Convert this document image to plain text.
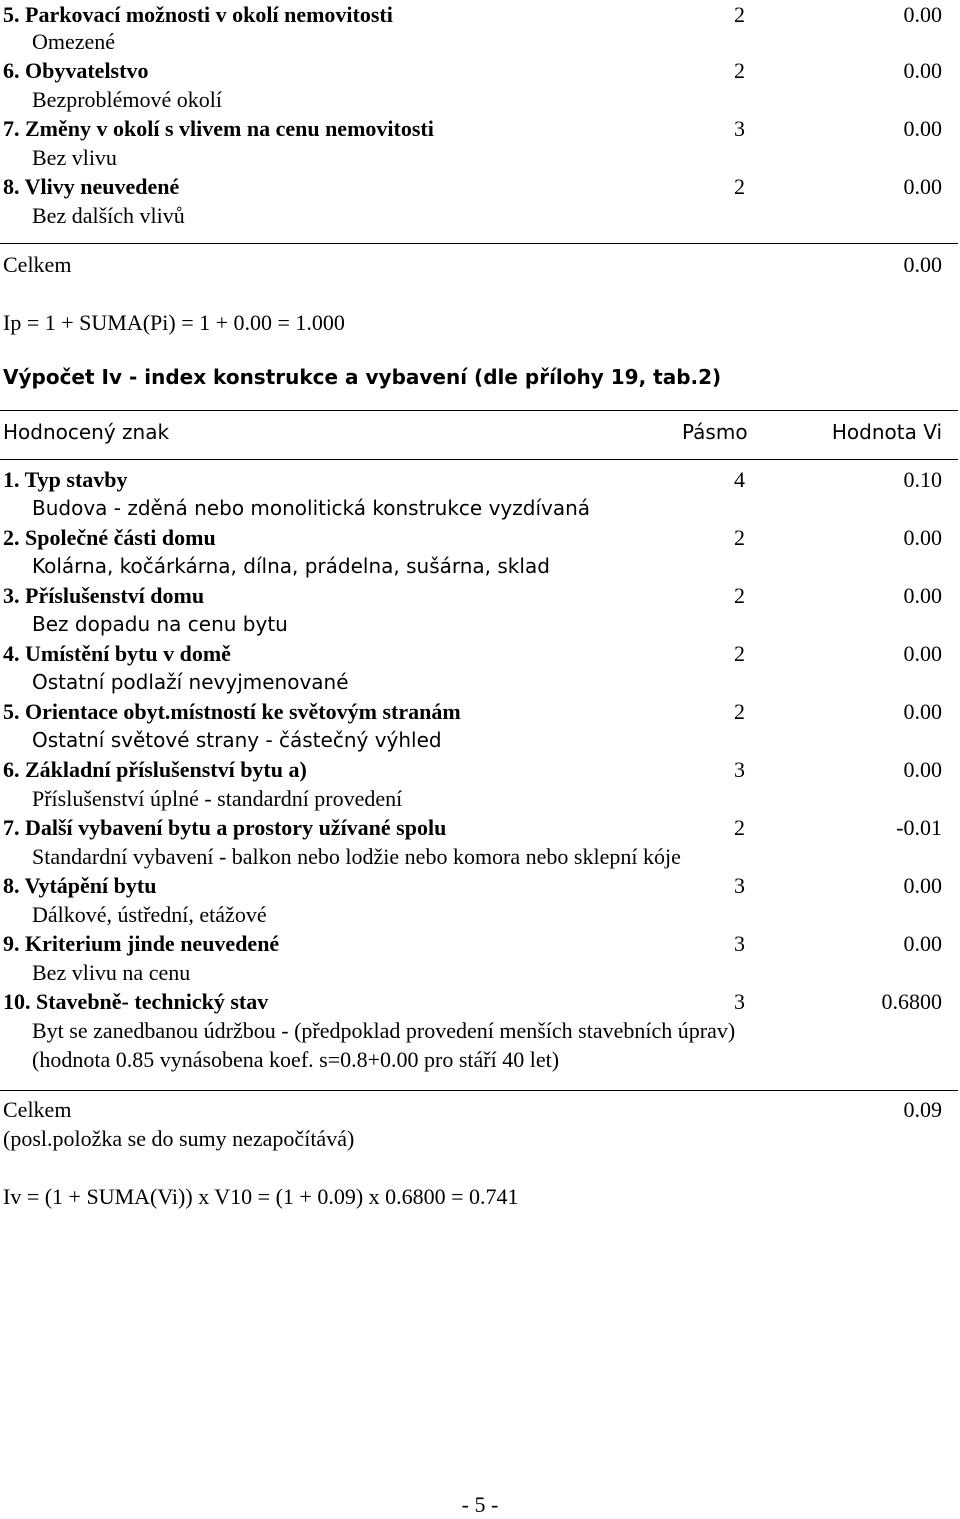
5. Parkovací možnosti v okolí nemovitosti	2	0.00
Omezené
6. Obyvatelstvo	2	0.00
Bezproblémové okolí
7. Změny v okolí s vlivem na cenu nemovitosti	3	0.00
Bez vlivu
8. Vlivy neuvedené	2	0.00
Bez dalších vlivů
Celkem	0.00
Ip = 1 + SUMA(Pi) = 1 + 0.00 = 1.000
Výpočet Iv - index konstrukce a vybavení (dle přílohy 19, tab.2)
Hodnocený znak	Pásmo	Hodnota Vi
1. Typ stavby	4	0.10
Budova - zděná nebo monolitická konstrukce vyzdívaná
2. Společné části domu	2	0.00
Kolárna, kočárkárna, dílna, prádelna, sušárna, sklad
3. Příslušenství domu	2	0.00
Bez dopadu na cenu bytu
4. Umístění bytu v domě	2	0.00
Ostatní podlaží nevyjmenované
5. Orientace obyt.místností ke světovým stranám	2	0.00
Ostatní světové strany - částečný výhled
6. Základní příslušenství bytu a)	3	0.00
Příslušenství úplné - standardní provedení
7. Další vybavení bytu a prostory užívané spolu	2	-0.01
Standardní vybavení - balkon nebo lodžie nebo komora nebo sklepní kóje
8. Vytápění bytu	3	0.00
Dálkové, ústřední, etážové
9. Kriterium jinde neuvedené	3	0.00
Bez vlivu na cenu
10. Stavebně- technický stav	3	0.6800
Byt se zanedbanou údržbou - (předpoklad provedení menších stavebních úprav)
(hodnota 0.85 vynásobena koef. s=0.8+0.00 pro stáří 40 let)
Celkem	0.09
(posl.položka se do sumy nezapočítává)
Iv = (1 + SUMA(Vi)) x V10 = (1 + 0.09) x 0.6800 = 0.741
- 5 -
